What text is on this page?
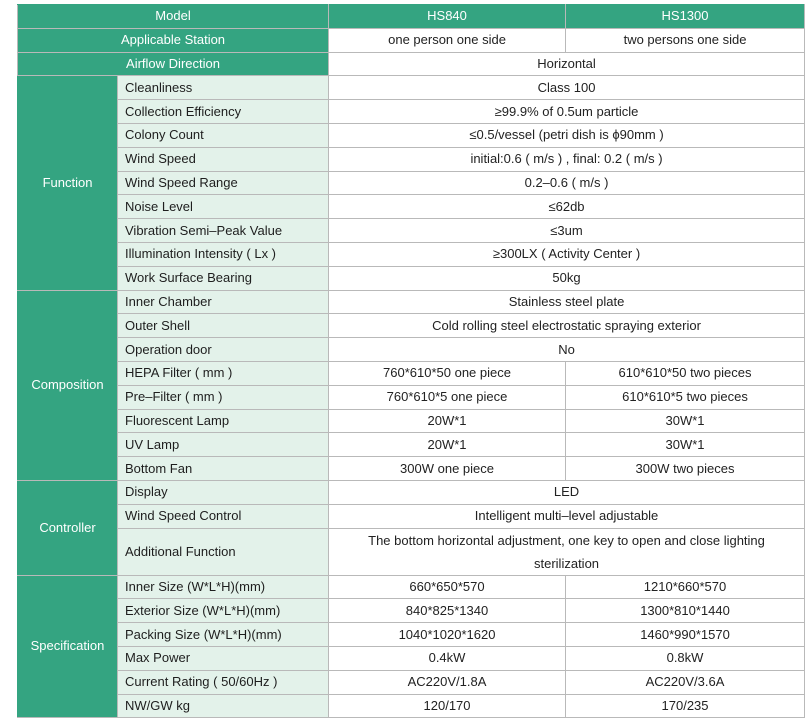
Model		HS840	HS1300
Applicable Station		one person one side	two persons one side
Airflow Direction		Horizontal	
Function	Cleanliness	Class 100	
	Collection Efficiency	≥99.9% of 0.5um particle	
	Colony Count	≤0.5/vessel (petri dish is ϕ90mm )	
	Wind Speed	initial:0.6 ( m/s ) , final: 0.2 ( m/s )	
	Wind Speed Range	0.2–0.6 ( m/s )	
	Noise Level	≤62db	
	Vibration Semi–Peak Value	≤3um	
	Illumination Intensity ( Lx )	≥300LX ( Activity Center )	
	Work Surface Bearing	50kg	
Composition	Inner Chamber	Stainless steel plate	
	Outer Shell	Cold rolling steel electrostatic spraying exterior	
	Operation door	No	
	HEPA Filter ( mm )	760*610*50 one piece	610*610*50 two pieces
	Pre–Filter ( mm )	760*610*5 one piece	610*610*5 two pieces
	Fluorescent Lamp	20W*1	30W*1
	UV Lamp	20W*1	30W*1
	Bottom Fan	300W one piece	300W two pieces
Controller	Display	LED	
	Wind Speed Control	Intelligent multi–level adjustable	
	Additional Function	The bottom horizontal adjustment, one key to open and close lighting
sterilization	
Specification	Inner Size (W*L*H)(mm)	660*650*570	1210*660*570
	Exterior Size (W*L*H)(mm)	840*825*1340	1300*810*1440
	Packing Size (W*L*H)(mm)	1040*1020*1620	1460*990*1570
	Max Power	0.4kW	0.8kW
	Current Rating ( 50/60Hz )	AC220V/1.8A	AC220V/3.6A
	NW/GW kg	120/170	170/235
